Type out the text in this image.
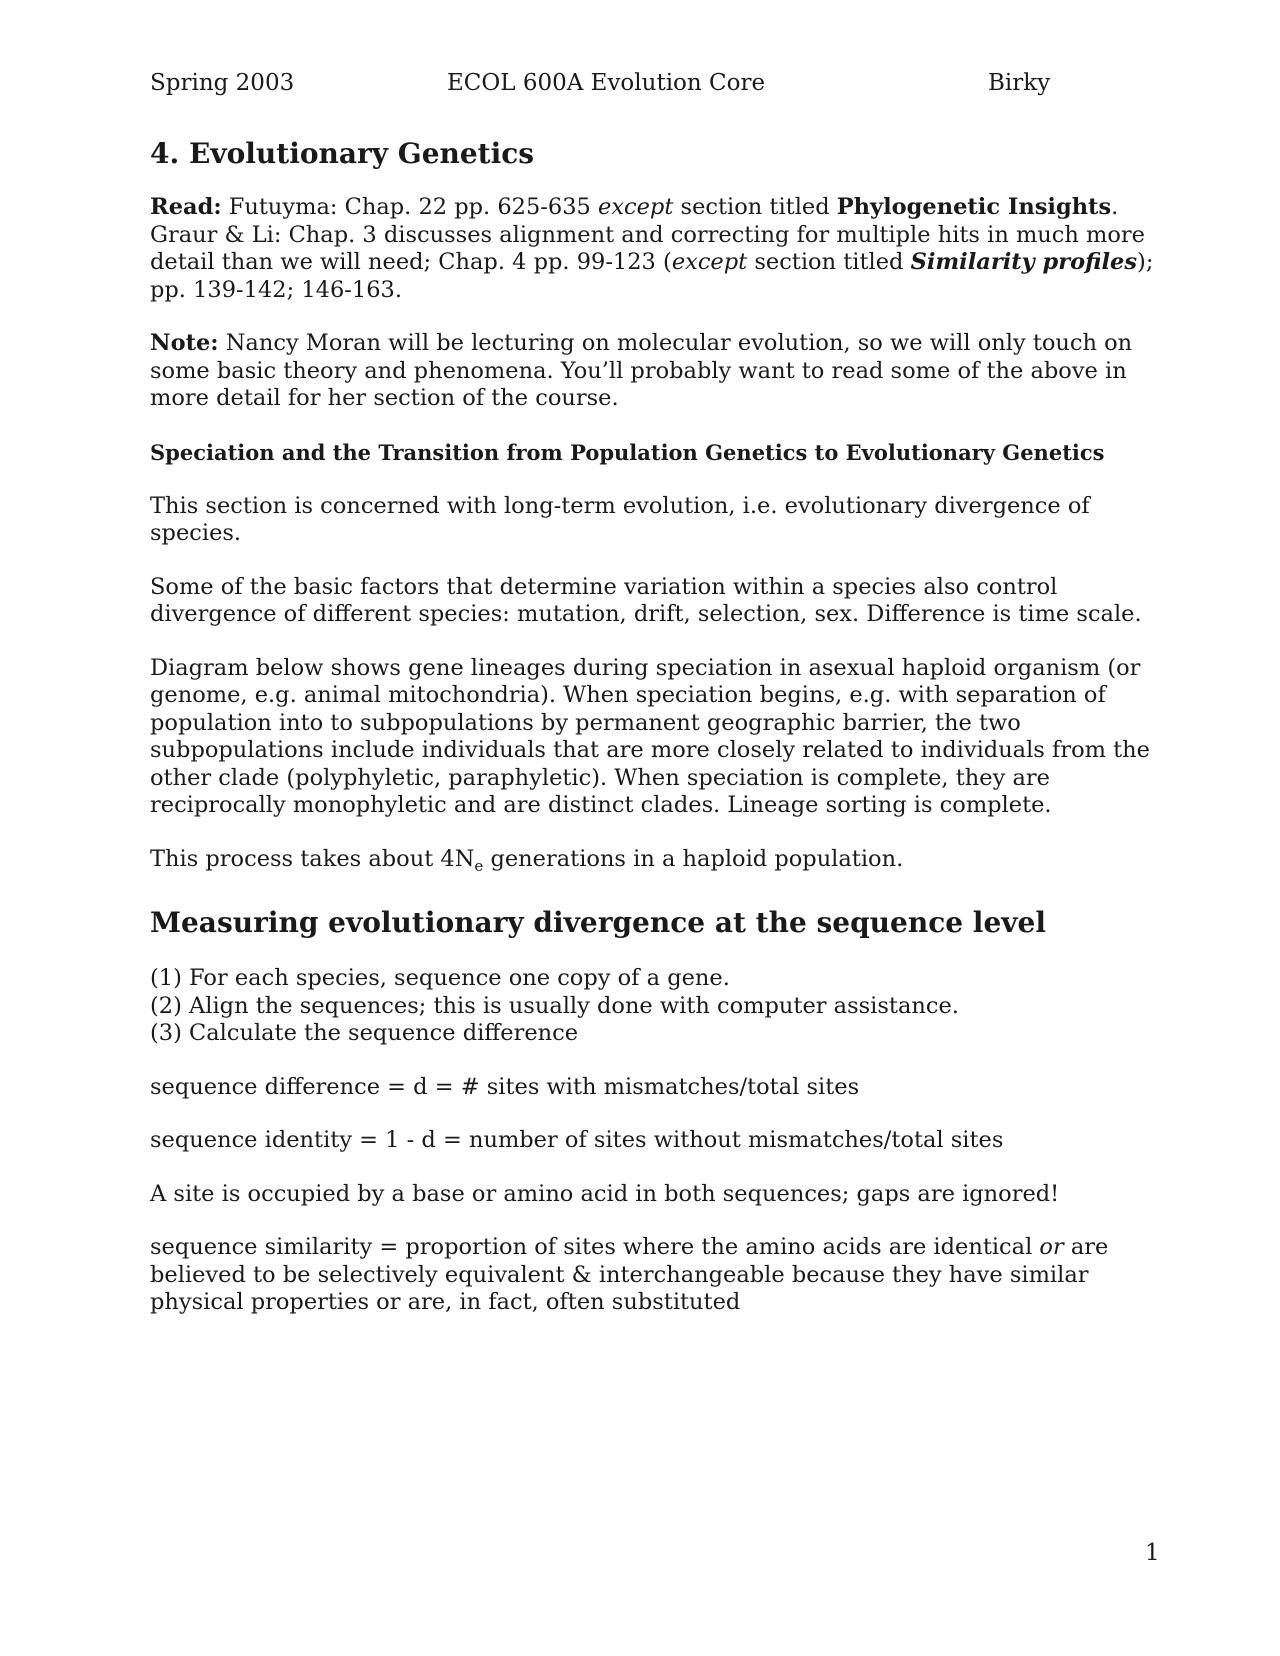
Spring 2003	ECOL 600A Evolution Core	Birky
4. Evolutionary Genetics

Read: Futuyma: Chap. 22 pp. 625-635 except section titled Phylogenetic Insights. Graur & Li: Chap. 3 discusses alignment and correcting for multiple hits in much more detail than we will need; Chap. 4 pp. 99-123 (except section titled Similarity profiles); pp. 139-142; 146-163.

Note: Nancy Moran will be lecturing on molecular evolution, so we will only touch on some basic theory and phenomena. You’ll probably want to read some of the above in more detail for her section of the course.

Speciation and the Transition from Population Genetics to Evolutionary Genetics

This section is concerned with long-term evolution, i.e. evolutionary divergence of species.

Some of the basic factors that determine variation within a species also control divergence of different species: mutation, drift, selection, sex. Difference is time scale.

Diagram below shows gene lineages during speciation in asexual haploid organism (or genome, e.g. animal mitochondria). When speciation begins, e.g. with separation of population into to subpopulations by permanent geographic barrier, the two subpopulations include individuals that are more closely related to individuals from the other clade (polyphyletic, paraphyletic). When speciation is complete, they are reciprocally monophyletic and are distinct clades. Lineage sorting is complete.

This process takes about $4N_e$ generations in a haploid population.

Measuring evolutionary divergence at the sequence level

(1) For each species, sequence one copy of a gene.

(2) Align the sequences; this is usually done with computer assistance.

(3) Calculate the sequence difference

sequence difference = d = # sites with mismatches/total sites

sequence identity = 1 - d = number of sites without mismatches/total sites

A site is occupied by a base or amino acid in both sequences; gaps are ignored!

sequence similarity = proportion of sites where the amino acids are identical or are believed to be selectively equivalent & interchangeable because they have similar physical properties or are, in fact, often substituted

1
